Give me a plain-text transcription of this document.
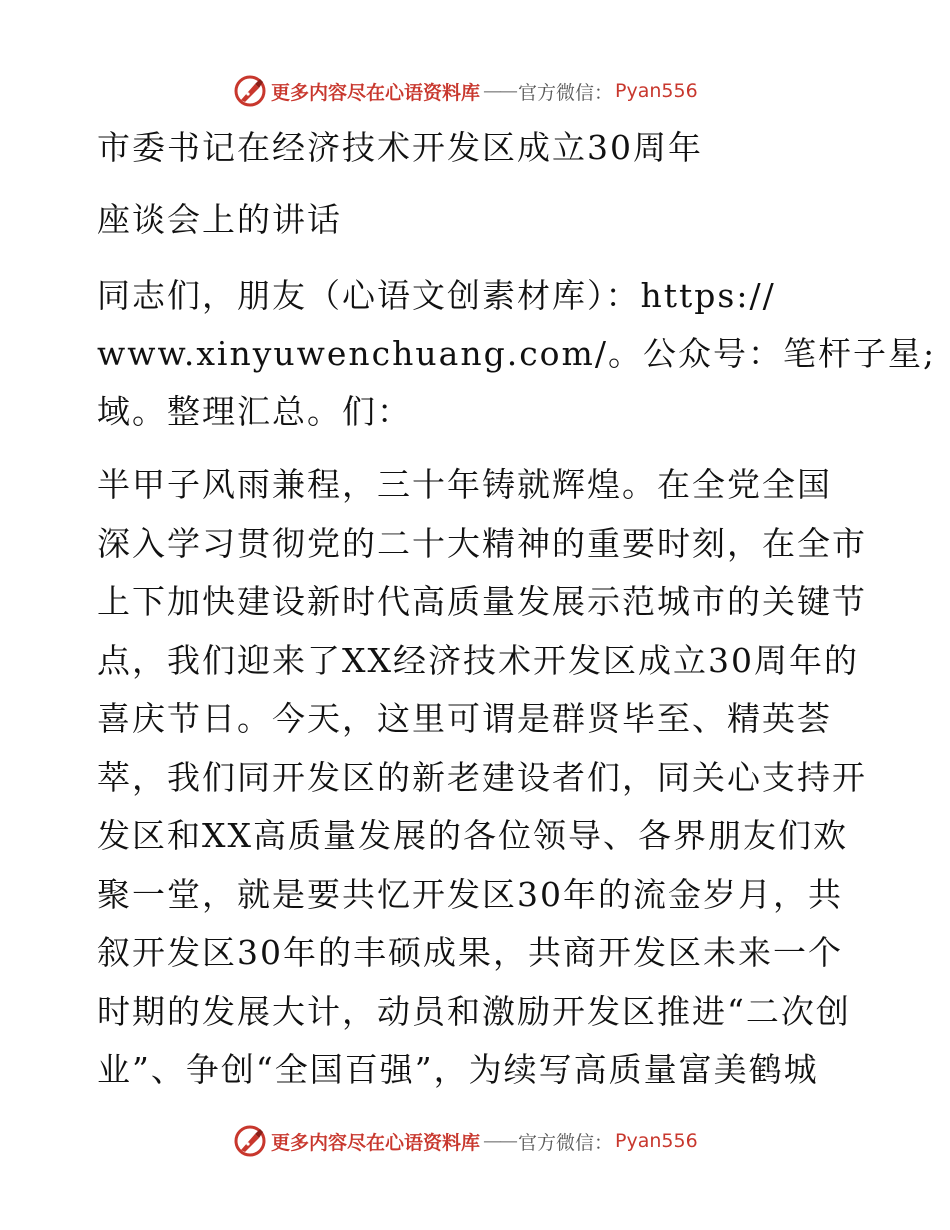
更多内容尽在心语资料库 —— 官方微信： Pyan556
市委书记在经济技术开发区成立30周年
座谈会上的讲话
同志们，朋友（心语文创素材库）：https://
www.xinyuwenchuang.com/。公众号：笔杆子星;
域。整理汇总。们：
半甲子风雨兼程，三十年铸就辉煌。在全党全国
深入学习贯彻党的二十大精神的重要时刻，在全市
上下加快建设新时代高质量发展示范城市的关键节
点，我们迎来了XX经济技术开发区成立30周年的
喜庆节日。今天，这里可谓是群贤毕至、精英荟
萃，我们同开发区的新老建设者们，同关心支持开
发区和XX高质量发展的各位领导、各界朋友们欢
聚一堂，就是要共忆开发区30年的流金岁月，共
叙开发区30年的丰硕成果，共商开发区未来一个
时期的发展大计，动员和激励开发区推进“二次创
业”、争创“全国百强”，为续写高质量富美鹤城
更多内容尽在心语资料库 —— 官方微信： Pyan556
